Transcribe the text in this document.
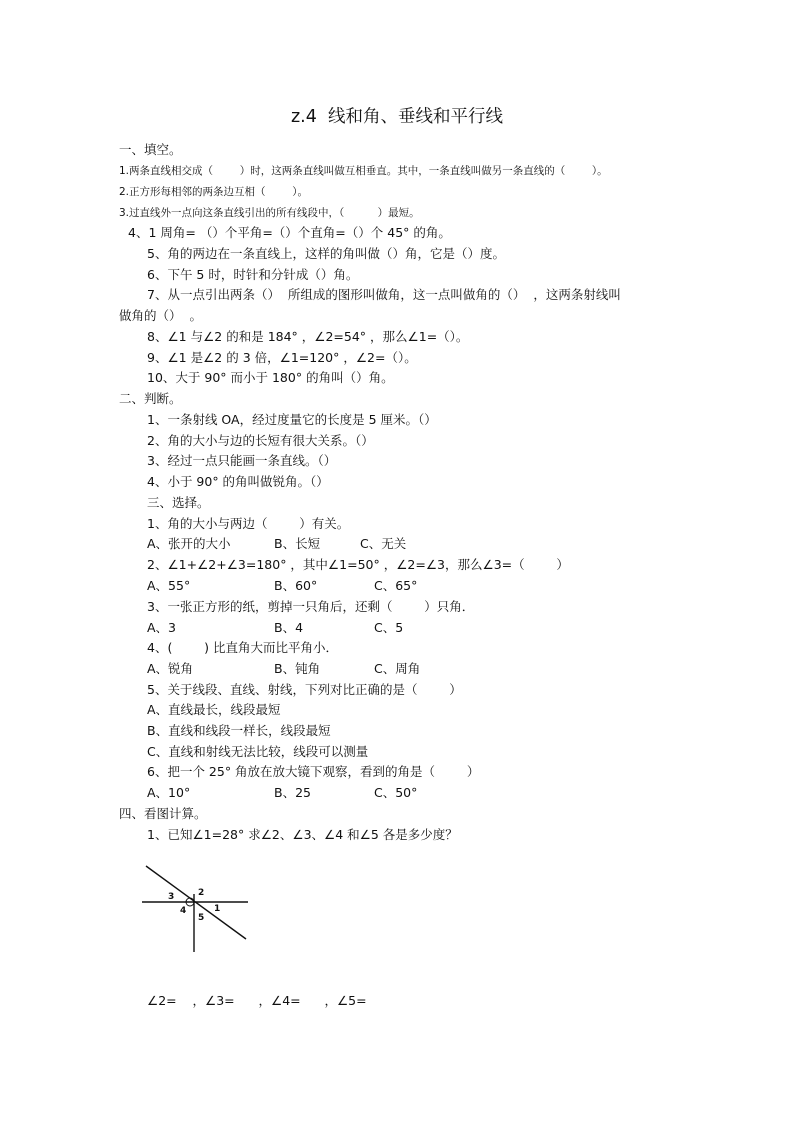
z.4  线和角、垂线和平行线
一、填空。
1.两条直线相交成（        ）时，这两条直线叫做互相垂直。其中，一条直线叫做另一条直线的（        ）。
2.正方形每相邻的两条边互相（        ）。
3.过直线外一点向这条直线引出的所有线段中，（          ）最短。
4、1 周角= （）个平角=（）个直角=（）个 45° 的角。
5、角的两边在一条直线上，这样的角叫做（）角，它是（）度。
6、下午 5 时，时针和分针成（）角。
7、从一点引出两条（）  所组成的图形叫做角，这一点叫做角的（）  ，这两条射线叫
做角的（）  。
8、∠1 与∠2 的和是 184° ，∠2=54° ，那么∠1=（）。
9、∠1 是∠2 的 3 倍，∠1=120° ，∠2=（）。
10、大于 90° 而小于 180° 的角叫（）角。
二、判断。
1、一条射线 OA，经过度量它的长度是 5 厘米。（）
2、角的大小与边的长短有很大关系。（）
3、经过一点只能画一条直线。（）
4、小于 90° 的角叫做锐角。（）
三、选择。
1、角的大小与两边（        ）有关。
A、张开的大小	B、长短	C、无关
2、∠1+∠2+∠3=180° ，其中∠1=50° ，∠2=∠3，那么∠3=（        ）
A、55°	B、60°	C、65°
3、一张正方形的纸，剪掉一只角后，还剩（        ）只角．
A、3	B、4	C、5
4、(        ) 比直角大而比平角小．
A、锐角	B、钝角	C、周角
5、关于线段、直线、射线，下列对比正确的是（        ）
A、直线最长，线段最短
B、直线和线段一样长，线段最短
C、直线和射线无法比较，线段可以测量
6、把一个 25° 角放在放大镜下观察，看到的角是（        ）
A、10°	B、25	C、50°
四、看图计算。
1、已知∠1=28° 求∠2、∠3、∠4 和∠5 各是多少度？
3	2
4	1
5
∠2=    ，∠3=      ，∠4=      ，∠5=
